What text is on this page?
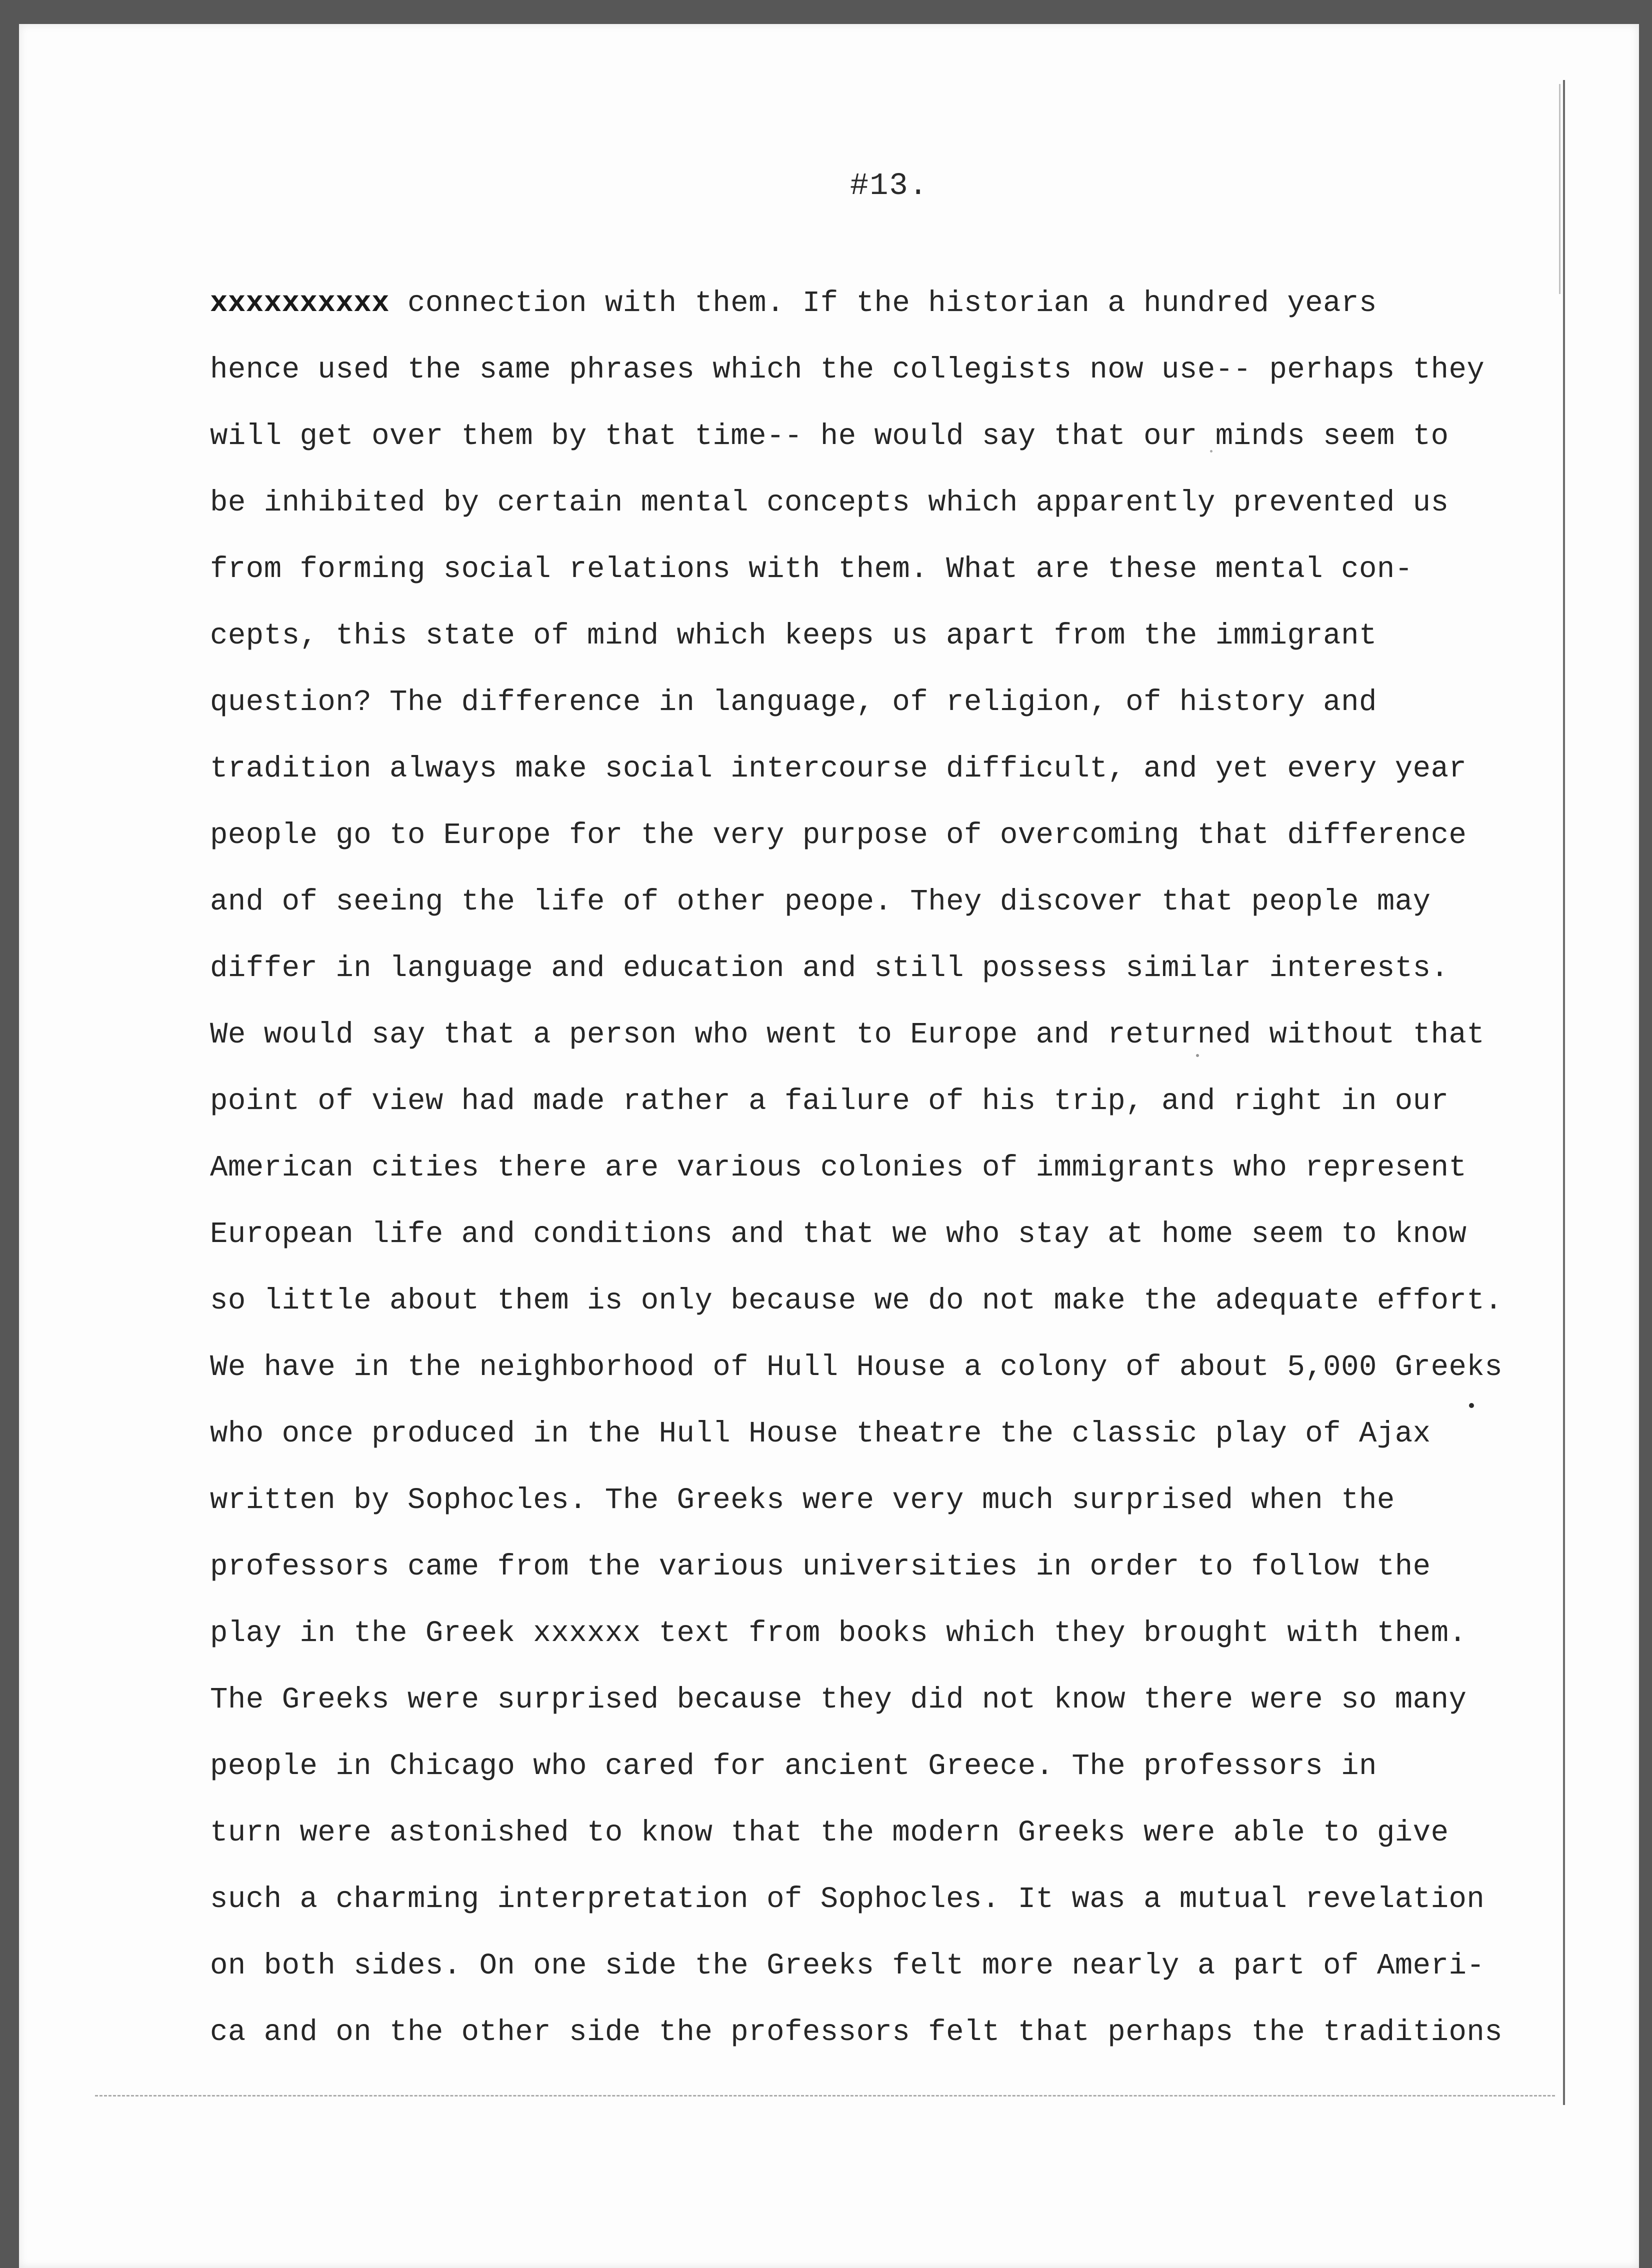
#13.
xxxxxxxxxx connection with them. If the historian a hundred years
hence used the same phrases which the collegists now use-- perhaps they
will get over them by that time-- he would say that our minds seem to
be inhibited by certain mental concepts which apparently prevented us
from forming social relations with them. What are these mental con-
cepts, this state of mind which keeps us apart from the immigrant
question? The difference in language, of religion, of history and
tradition always make social intercourse difficult, and yet every year
people go to Europe for the very purpose of overcoming that difference
and of seeing the life of other peope. They discover that people may
differ in language and education and still possess similar interests.
We would say that a person who went to Europe and returned without that
point of view had made rather a failure of his trip, and right in our
American cities there are various colonies of immigrants who represent
European life and conditions and that we who stay at home seem to know
so little about them is only because we do not make the adequate effort.
We have in the neighborhood of Hull House a colony of about 5,000 Greeks
who once produced in the Hull House theatre the classic play of Ajax
written by Sophocles. The Greeks were very much surprised when the
professors came from the various universities in order to follow the
play in the Greek xxxxxx text from books which they brought with them.
The Greeks were surprised because they did not know there were so many
people in Chicago who cared for ancient Greece. The professors in
turn were astonished to know that the modern Greeks were able to give
such a charming interpretation of Sophocles. It was a mutual revelation
on both sides. On one side the Greeks felt more nearly a part of Ameri-
ca and on the other side the professors felt that perhaps the traditions
